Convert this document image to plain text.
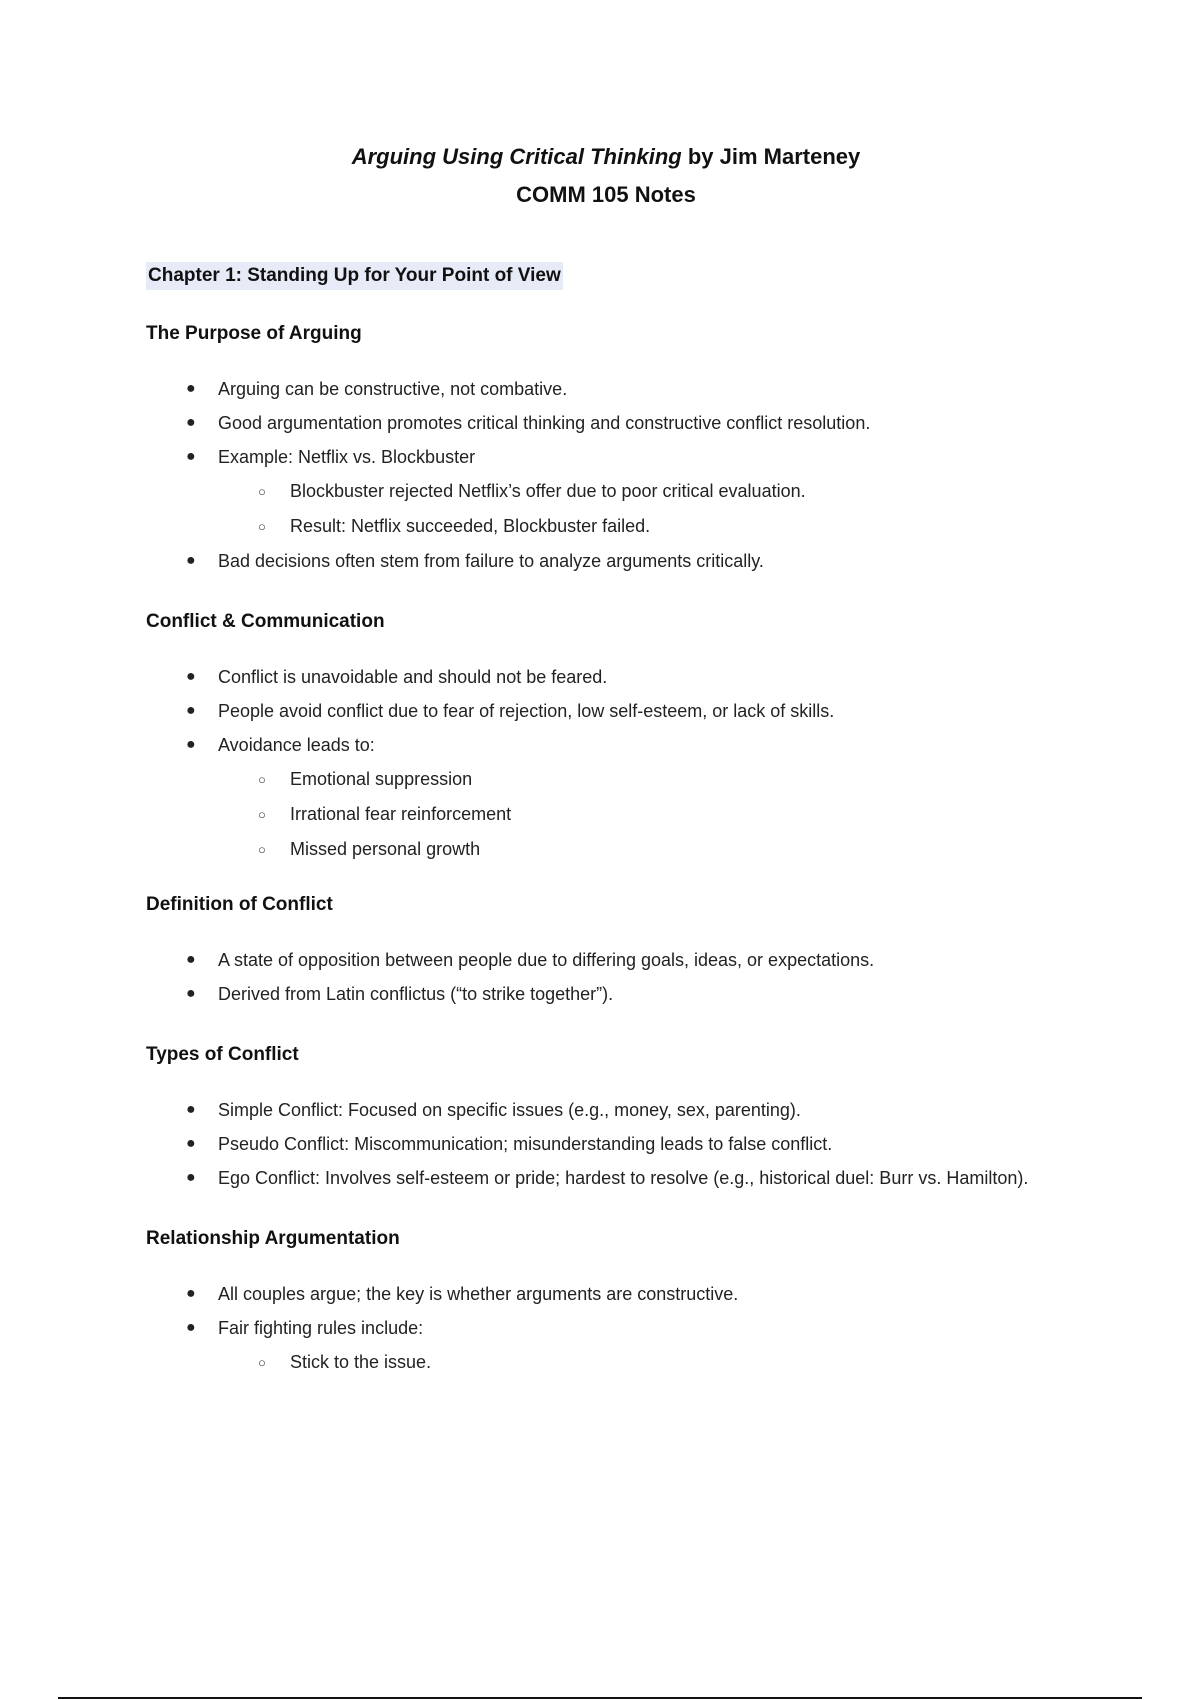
Arguing Using Critical Thinking by Jim Marteney

COMM 105 Notes

Chapter 1: Standing Up for Your Point of View

The Purpose of Arguing

● Arguing can be constructive, not combative.
● Good argumentation promotes critical thinking and constructive conflict resolution.
● Example: Netflix vs. Blockbuster
○ Blockbuster rejected Netflix’s offer due to poor critical evaluation.
○ Result: Netflix succeeded, Blockbuster failed.
● Bad decisions often stem from failure to analyze arguments critically.

Conflict & Communication

● Conflict is unavoidable and should not be feared.
● People avoid conflict due to fear of rejection, low self-esteem, or lack of skills.
● Avoidance leads to:
○ Emotional suppression
○ Irrational fear reinforcement
○ Missed personal growth

Definition of Conflict

● A state of opposition between people due to differing goals, ideas, or expectations.
● Derived from Latin conflictus (“to strike together”).

Types of Conflict

● Simple Conflict: Focused on specific issues (e.g., money, sex, parenting).
● Pseudo Conflict: Miscommunication; misunderstanding leads to false conflict.
● Ego Conflict: Involves self-esteem or pride; hardest to resolve (e.g., historical duel: Burr vs. Hamilton).

Relationship Argumentation

● All couples argue; the key is whether arguments are constructive.
● Fair fighting rules include:
○ Stick to the issue.
